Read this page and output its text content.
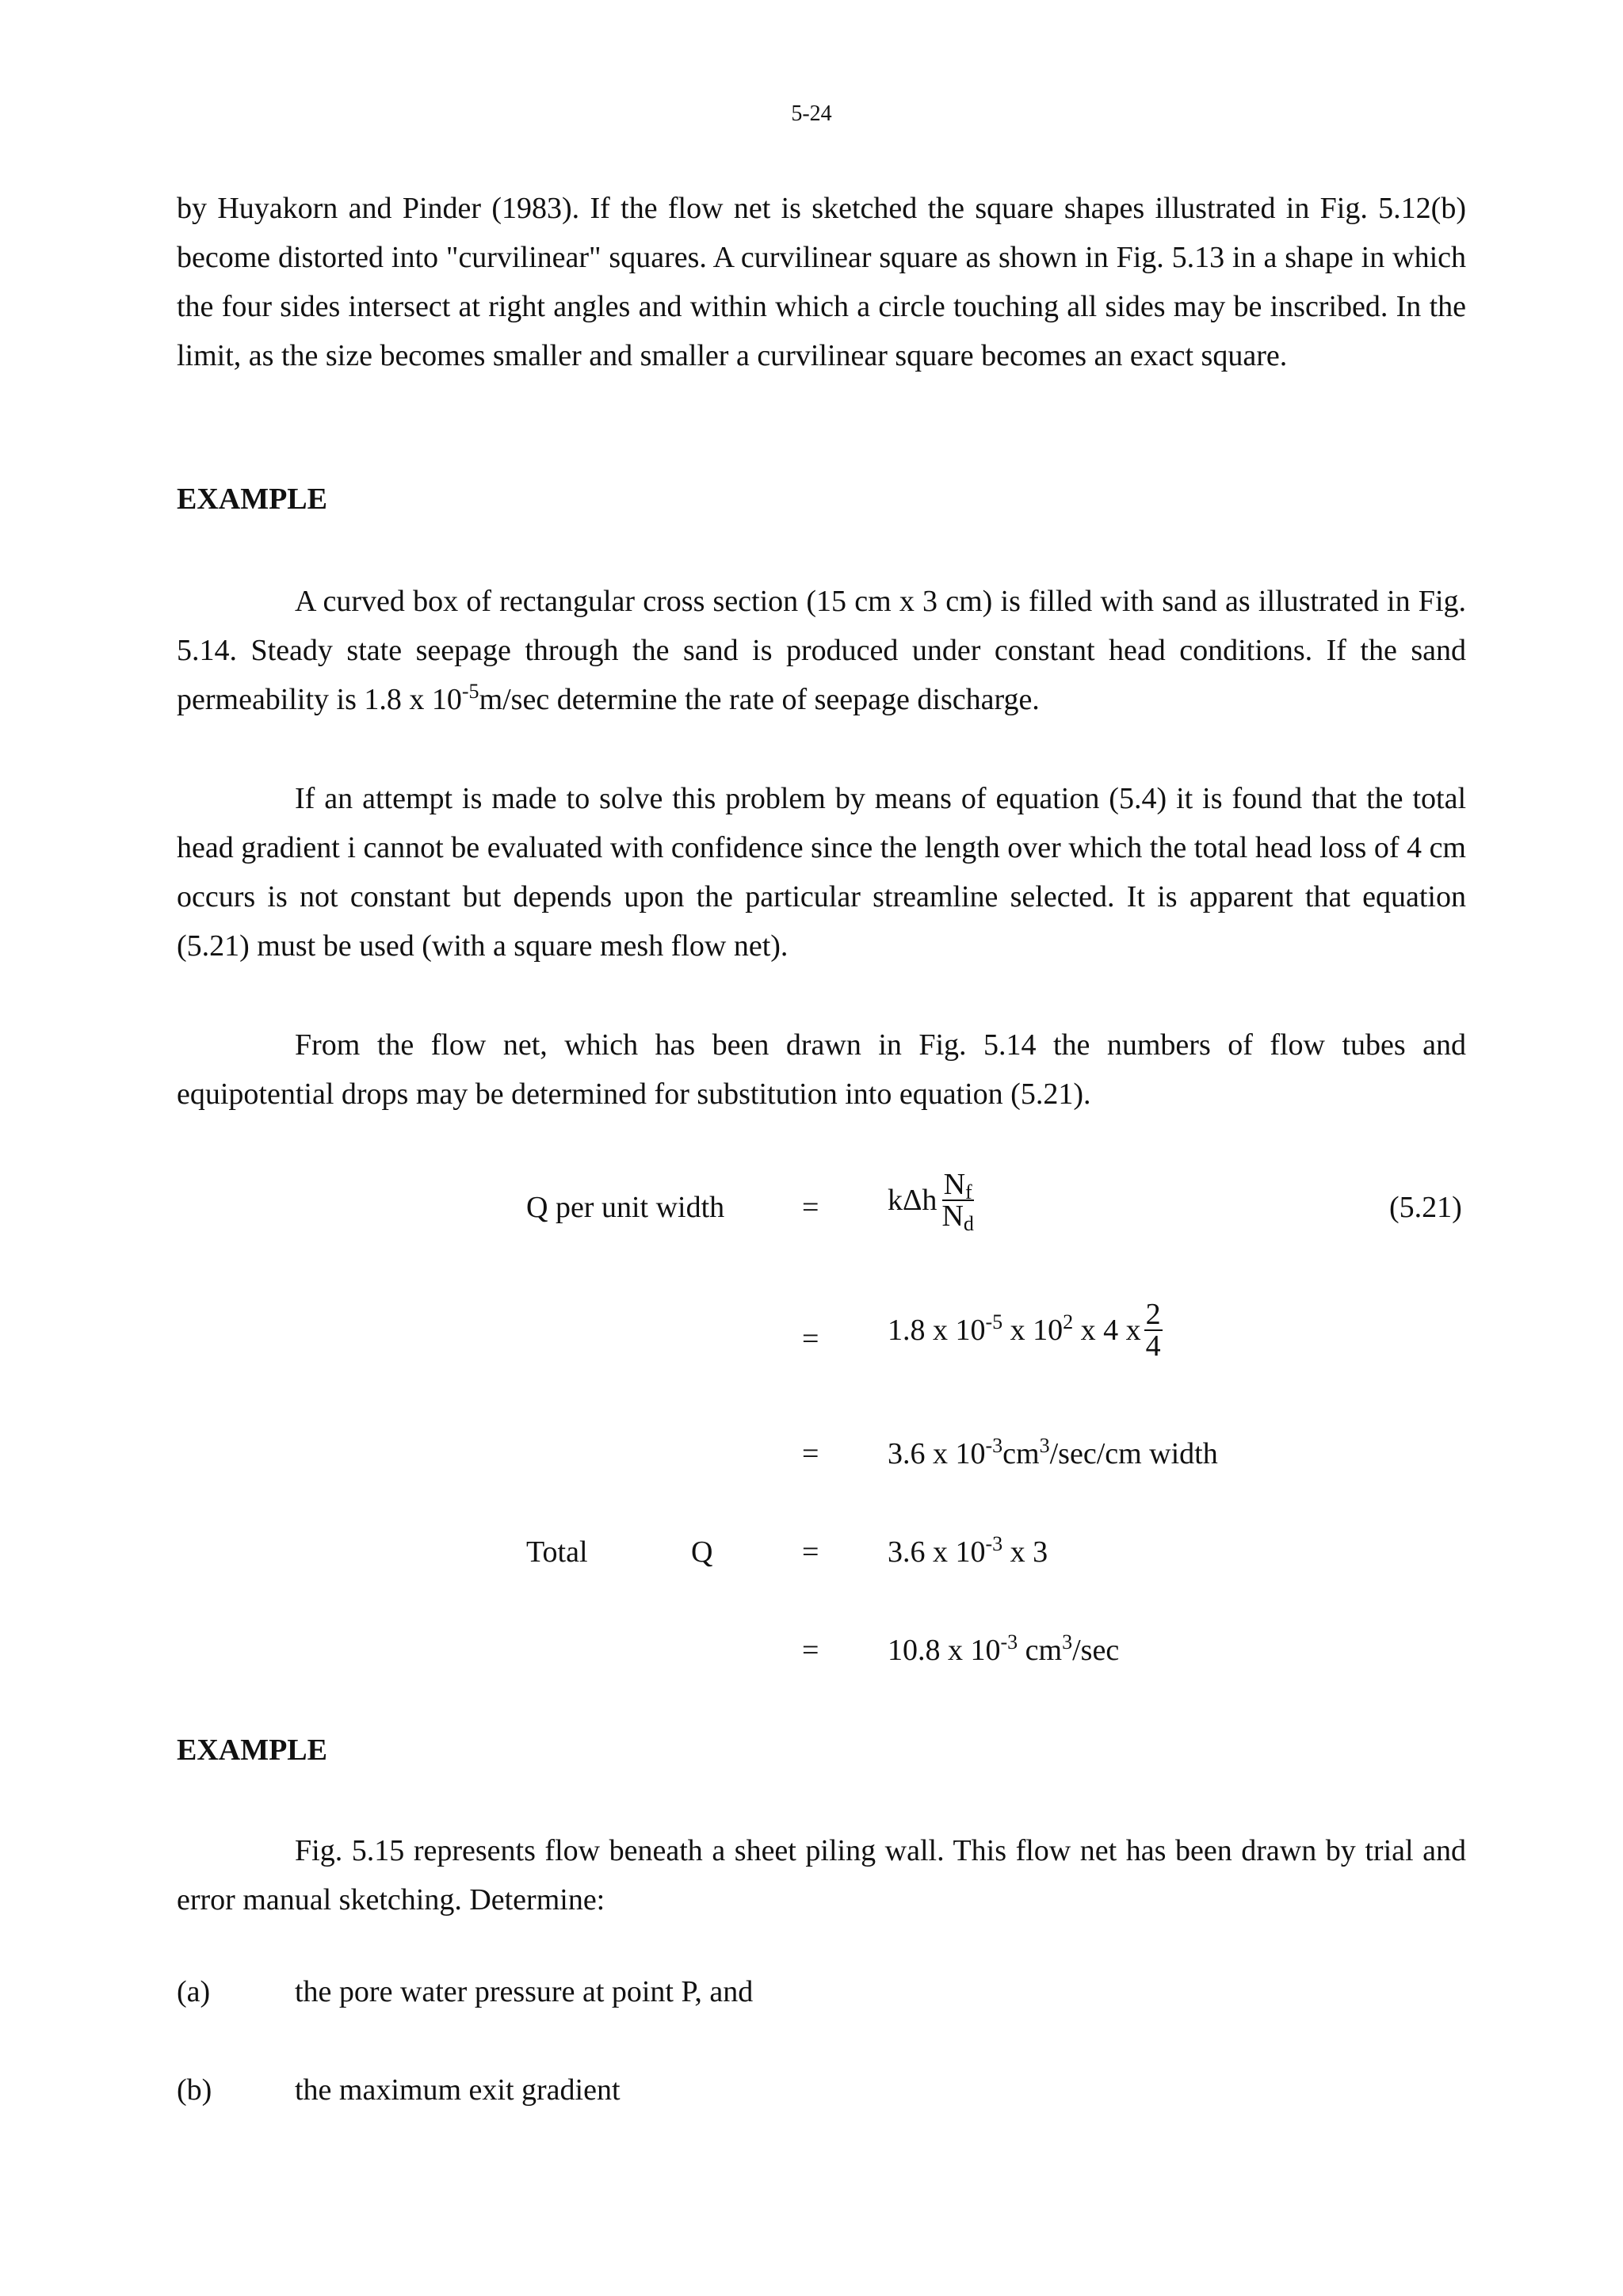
5-24
by Huyakorn and Pinder (1983). If the flow net is sketched the square shapes illustrated in Fig. 5.12(b) become distorted into "curvilinear" squares. A curvilinear square as shown in Fig. 5.13 in a shape in which the four sides intersect at right angles and within which a circle touching all sides may be inscribed. In the limit, as the size becomes smaller and smaller a curvilinear square becomes an exact square.
EXAMPLE
A curved box of rectangular cross section (15 cm x 3 cm) is filled with sand as illustrated in Fig. 5.14. Steady state seepage through the sand is produced under constant head conditions. If the sand permeability is 1.8 x $10^{-5}m/\sec$ determine the rate of seepage discharge.
If an attempt is made to solve this problem by means of equation (5.4) it is found that the total head gradient i cannot be evaluated with confidence since the length over which the total head loss of 4 cm occurs is not constant but depends upon the particular streamline selected. It is apparent that equation (5.21) must be used (with a square mesh flow net).
From the flow net, which has been drawn in Fig. 5.14 the numbers of flow tubes and equipotential drops may be determined for substitution into equation (5.21).
Q per unit width	= kΔh $\frac{N_f}{N_d}$	(5.21)
= 1.8 x $10^{-5}$ x $10^2$ x 4 x $\frac{2}{4}$
= 3.6 x $10^{-3}cm^3/\sec/cm$ width
Total	Q	= 3.6 x $10^{-3}$ x 3
= 10.8 x $10^{-3}$ $cm^3/\sec$
EXAMPLE
Fig. 5.15 represents flow beneath a sheet piling wall. This flow net has been drawn by trial and error manual sketching. Determine:
(a)	the pore water pressure at point P, and
(b)	the maximum exit gradient
